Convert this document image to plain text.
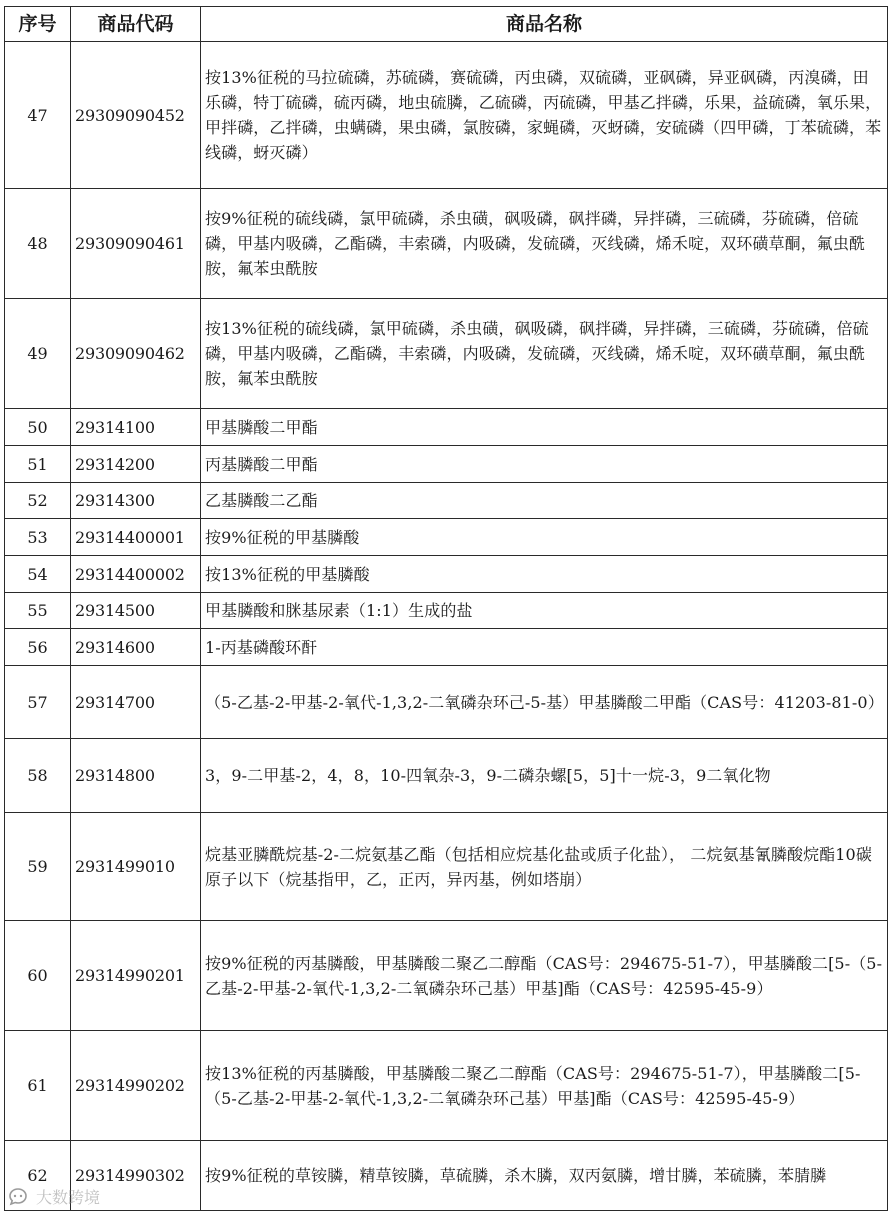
序号	商品代码	商品名称
47	29309090452	按13%征税的马拉硫磷，苏硫磷，赛硫磷，丙虫磷，双硫磷，亚砜磷，异亚砜磷，丙溴磷，田乐磷，特丁硫磷，硫丙磷，地虫硫膦，乙硫磷，丙硫磷，甲基乙拌磷，乐果，益硫磷，氧乐果，甲拌磷，乙拌磷，虫螨磷，果虫磷，氯胺磷，家蝇磷，灭蚜磷，安硫磷（四甲磷，丁苯硫磷，苯线磷，蚜灭磷）
48	29309090461	按9%征税的硫线磷，氯甲硫磷，杀虫磺，砜吸磷，砜拌磷，异拌磷，三硫磷，芬硫磷，倍硫磷，甲基内吸磷，乙酯磷，丰索磷，内吸磷，发硫磷，灭线磷，烯禾啶，双环磺草酮，氟虫酰胺，氟苯虫酰胺
49	29309090462	按13%征税的硫线磷，氯甲硫磷，杀虫磺，砜吸磷，砜拌磷，异拌磷，三硫磷，芬硫磷，倍硫磷，甲基内吸磷，乙酯磷，丰索磷，内吸磷，发硫磷，灭线磷，烯禾啶，双环磺草酮，氟虫酰胺，氟苯虫酰胺
50	29314100	甲基膦酸二甲酯
51	29314200	丙基膦酸二甲酯
52	29314300	乙基膦酸二乙酯
53	29314400001	按9%征税的甲基膦酸
54	29314400002	按13%征税的甲基膦酸
55	29314500	甲基膦酸和脒基尿素（1:1）生成的盐
56	29314600	1-丙基磷酸环酐
57	29314700	（5-乙基-2-甲基-2-氧代-1,3,2-二氧磷杂环己-5-基）甲基膦酸二甲酯（CAS号：41203-81-0）
58	29314800	3，9-二甲基-2，4，8，10-四氧杂-3，9-二磷杂螺[5，5]十一烷-3，9二氧化物
59	2931499010	烷基亚膦酰烷基-2-二烷氨基乙酯（包括相应烷基化盐或质子化盐）， 二烷氨基氰膦酸烷酯10碳原子以下（烷基指甲，乙，正丙，异丙基，例如塔崩）
60	29314990201	按9%征税的丙基膦酸，甲基膦酸二聚乙二醇酯（CAS号：294675-51-7），甲基膦酸二[5-（5-乙基-2-甲基-2-氧代-1,3,2-二氧磷杂环己基）甲基]酯（CAS号：42595-45-9）
61	29314990202	按13%征税的丙基膦酸，甲基膦酸二聚乙二醇酯（CAS号：294675-51-7），甲基膦酸二[5-（5-乙基-2-甲基-2-氧代-1,3,2-二氧磷杂环己基）甲基]酯（CAS号：42595-45-9）
62	29314990302	按9%征税的草铵膦，精草铵膦，草硫膦，杀木膦，双丙氨膦，增甘膦，苯硫膦，苯腈膦
大数跨境
